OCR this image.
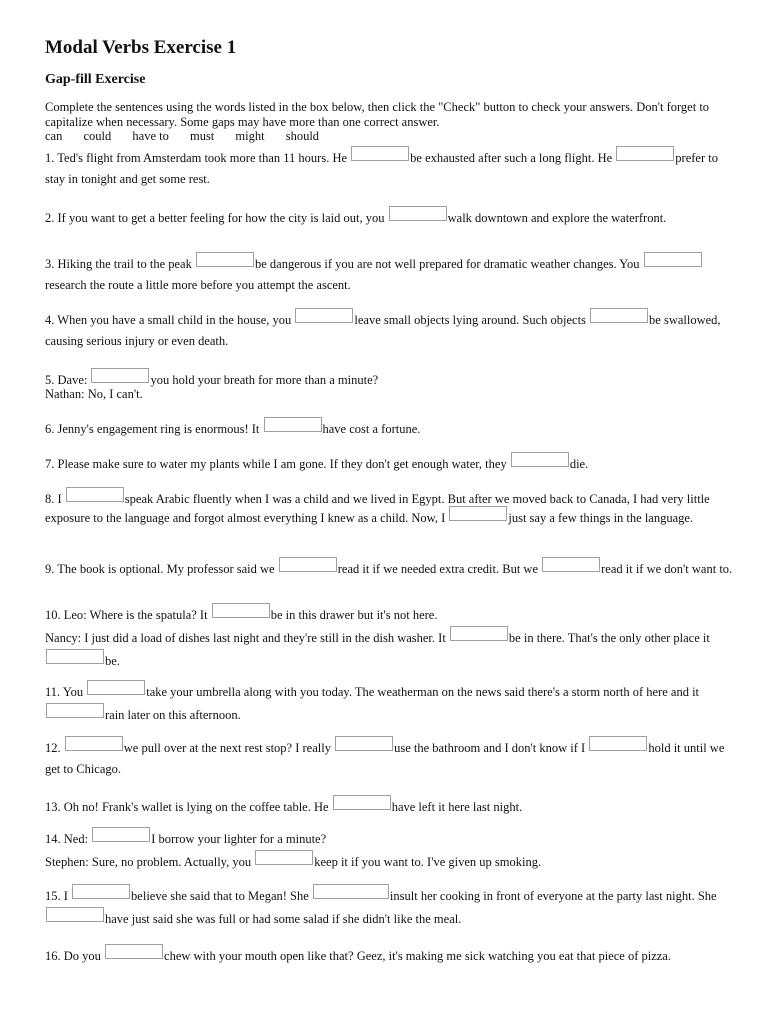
Modal Verbs Exercise 1
Gap-fill Exercise
Complete the sentences using the words listed in the box below, then click the "Check" button to check your answers. Don't forget to capitalize when necessary. Some gaps may have more than one correct answer.
can could have to must might should
1. Ted's flight from Amsterdam took more than 11 hours. He	be exhausted after such a long flight. He	prefer to stay in tonight and get some rest.
2. If you want to get a better feeling for how the city is laid out, you	walk downtown and explore the waterfront.
3. Hiking the trail to the peak	be dangerous if you are not well prepared for dramatic weather changes. You research the route a little more before you attempt the ascent.
4. When you have a small child in the house, you	leave small objects lying around. Such objects	be swallowed, causing serious injury or even death.
5. Dave:	you hold your breath for more than a minute?
Nathan: No, I can't.
6. Jenny's engagement ring is enormous! It	have cost a fortune.
7. Please make sure to water my plants while I am gone. If they don't get enough water, they	die.
8. I	speak Arabic fluently when I was a child and we lived in Egypt. But after we moved back to Canada, I had very little exposure to the language and forgot almost everything I knew as a child. Now, I	just say a few things in the language.
9. The book is optional. My professor said we	read it if we needed extra credit. But we	read it if we don't want to.
10. Leo: Where is the spatula? It	be in this drawer but it's not here.
Nancy: I just did a load of dishes last night and they're still in the dish washer. It	be in there. That's the only other place it be.
11. You	take your umbrella along with you today. The weatherman on the news said there's a storm north of here and it rain later on this afternoon.
12.	we pull over at the next rest stop? I really	use the bathroom and I don't know if I	hold it until we get to Chicago.
13. Oh no! Frank's wallet is lying on the coffee table. He	have left it here last night.
14. Ned:	I borrow your lighter for a minute?
Stephen: Sure, no problem. Actually, you	keep it if you want to. I've given up smoking.
15. I	believe she said that to Megan! She	insult her cooking in front of everyone at the party last night. She have just said she was full or had some salad if she didn't like the meal.
16. Do you	chew with your mouth open like that? Geez, it's making me sick watching you eat that piece of pizza.
